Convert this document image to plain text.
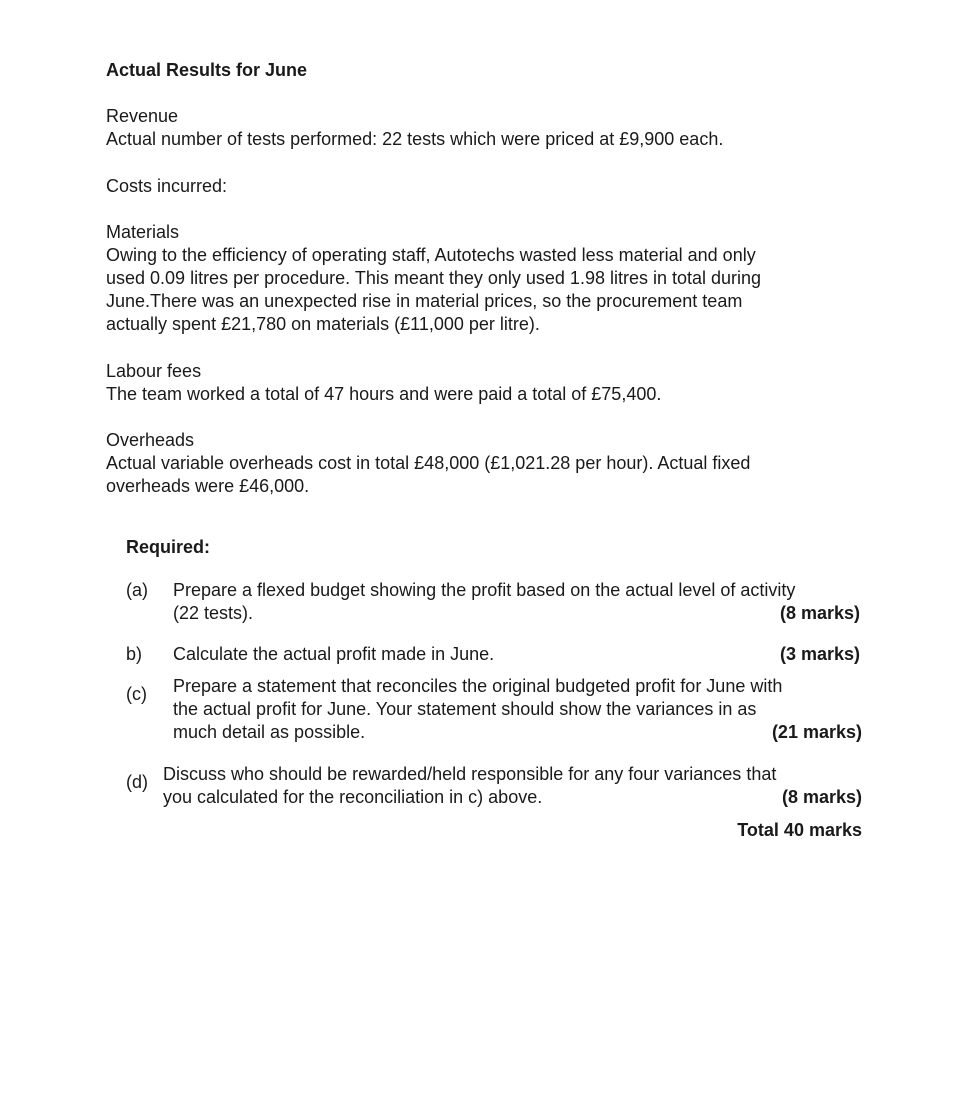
Actual Results for June

Revenue

Actual number of tests performed: 22 tests which were priced at £9,900 each.

Costs incurred:

Materials

Owing to the efficiency of operating staff, Autotechs wasted less material and only

used 0.09 litres per procedure. This meant they only used 1.98 litres in total during

June.There was an unexpected rise in material prices, so the procurement team

actually spent £21,780 on materials (£11,000 per litre).

Labour fees

The team worked a total of 47 hours and were paid a total of £75,400.

Overheads

Actual variable overheads cost in total £48,000 (£1,021.28 per hour). Actual fixed

overheads were £46,000.

Required:
(a) Prepare a flexed budget showing the profit based on the actual level of activity
(22 tests).	(8 marks)
b) Calculate the actual profit made in June.	(3 marks)
(c) Prepare a statement that reconciles the original budgeted profit for June with
the actual profit for June. Your statement should show the variances in as
much detail as possible.	(21 marks)
(d) Discuss who should be rewarded/held responsible for any four variances that
you calculated for the reconciliation in c) above.	(8 marks)
Total 40 marks
